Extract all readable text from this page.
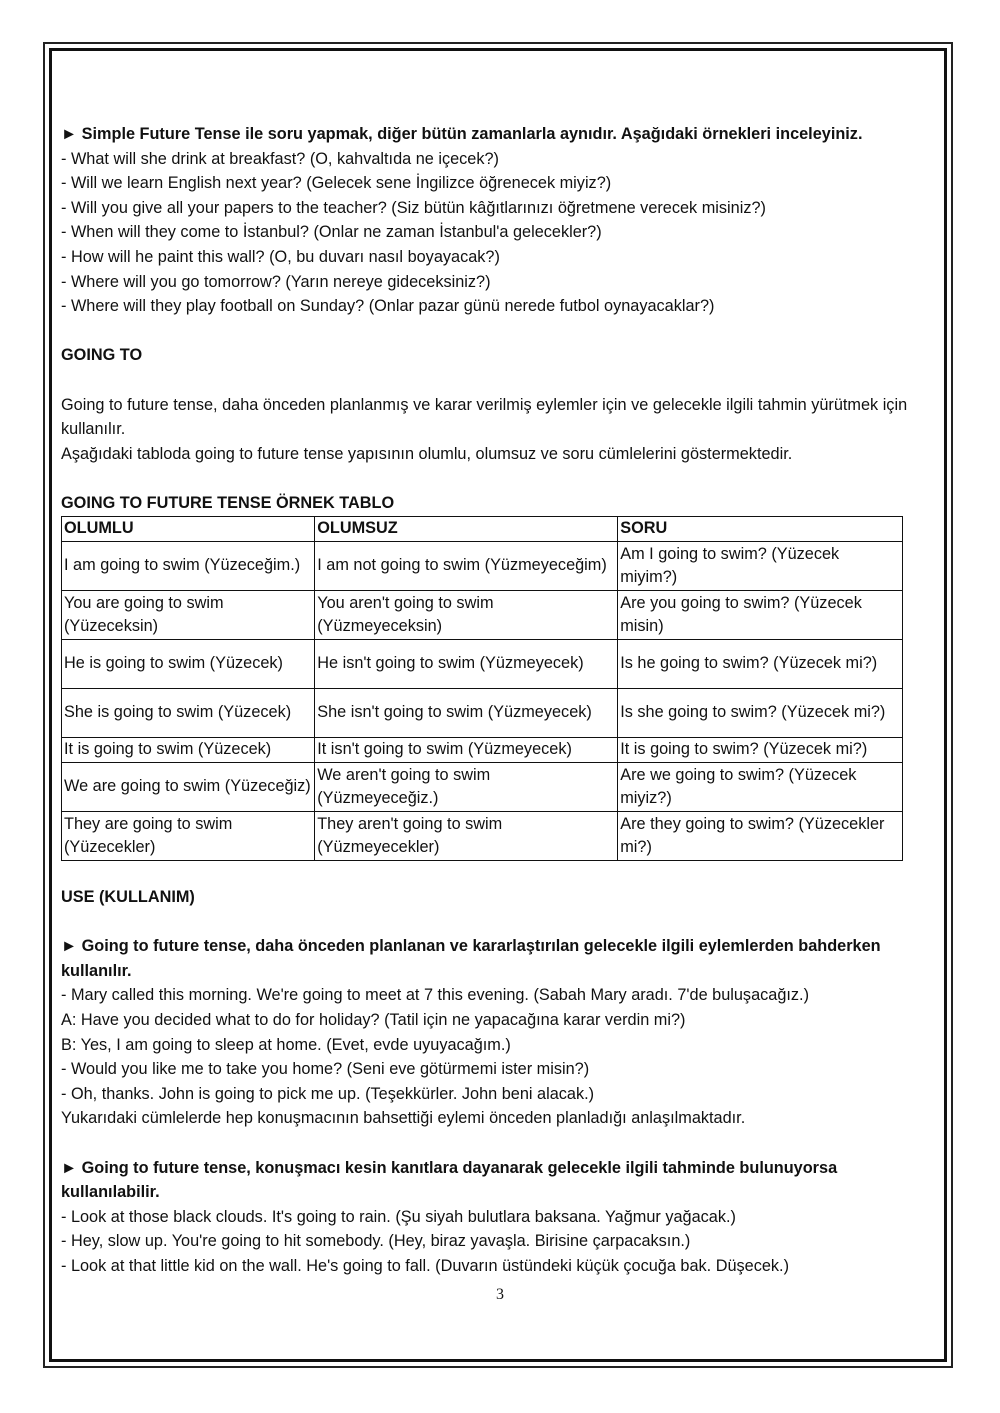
► Simple Future Tense ile soru yapmak, diğer bütün zamanlarla aynıdır. Aşağıdaki örnekleri inceleyiniz.
- What will she drink at breakfast? (O, kahvaltıda ne içecek?)
- Will we learn English next year? (Gelecek sene İngilizce öğrenecek miyiz?)
- Will you give all your papers to the teacher? (Siz bütün kâğıtlarınızı öğretmene verecek misiniz?)
- When will they come to İstanbul? (Onlar ne zaman İstanbul'a gelecekler?)
- How will he paint this wall? (O, bu duvarı nasıl boyayacak?)
- Where will you go tomorrow? (Yarın nereye gideceksiniz?)
- Where will they play football on Sunday? (Onlar pazar günü nerede futbol oynayacaklar?)
GOING TO
Going to future tense, daha önceden planlanmış ve karar verilmiş eylemler için ve gelecekle ilgili tahmin yürütmek için kullanılır.
Aşağıdaki tabloda going to future tense yapısının olumlu, olumsuz ve soru cümlelerini göstermektedir.
GOING TO FUTURE TENSE ÖRNEK TABLO
OLUMLU	OLUMSUZ	SORU
I am going to swim (Yüzeceğim.)	I am not going to swim (Yüzmeyeceğim)	Am I going to swim? (Yüzecek miyim?)
You are going to swim (Yüzeceksin)	You aren't going to swim (Yüzmeyeceksin)	Are you going to swim? (Yüzecek misin)
He is going to swim (Yüzecek)	He isn't going to swim (Yüzmeyecek)	Is he going to swim? (Yüzecek mi?)
She is going to swim (Yüzecek)	She isn't going to swim (Yüzmeyecek)	Is she going to swim? (Yüzecek mi?)
It is going to swim (Yüzecek)	It isn't going to swim (Yüzmeyecek)	It is going to swim? (Yüzecek mi?)
We are going to swim (Yüzeceğiz)	We aren't going to swim (Yüzmeyeceğiz.)	Are we going to swim? (Yüzecek miyiz?)
They are going to swim (Yüzecekler)	They aren't going to swim (Yüzmeyecekler)	Are they going to swim? (Yüzecekler mi?)
USE (KULLANIM)
► Going to future tense, daha önceden planlanan ve kararlaştırılan gelecekle ilgili eylemlerden bahderken kullanılır.
- Mary called this morning. We're going to meet at 7 this evening. (Sabah Mary aradı. 7'de buluşacağız.)
A: Have you decided what to do for holiday? (Tatil için ne yapacağına karar verdin mi?)
B: Yes, I am going to sleep at home. (Evet, evde uyuyacağım.)
- Would you like me to take you home? (Seni eve götürmemi ister misin?)
- Oh, thanks. John is going to pick me up. (Teşekkürler. John beni alacak.)
Yukarıdaki cümlelerde hep konuşmacının bahsettiği eylemi önceden planladığı anlaşılmaktadır.
► Going to future tense, konuşmacı kesin kanıtlara dayanarak gelecekle ilgili tahminde bulunuyorsa kullanılabilir.
- Look at those black clouds. It's going to rain. (Şu siyah bulutlara baksana. Yağmur yağacak.)
- Hey, slow up. You're going to hit somebody. (Hey, biraz yavaşla. Birisine çarpacaksın.)
- Look at that little kid on the wall. He's going to fall. (Duvarın üstündeki küçük çocuğa bak. Düşecek.)
3
